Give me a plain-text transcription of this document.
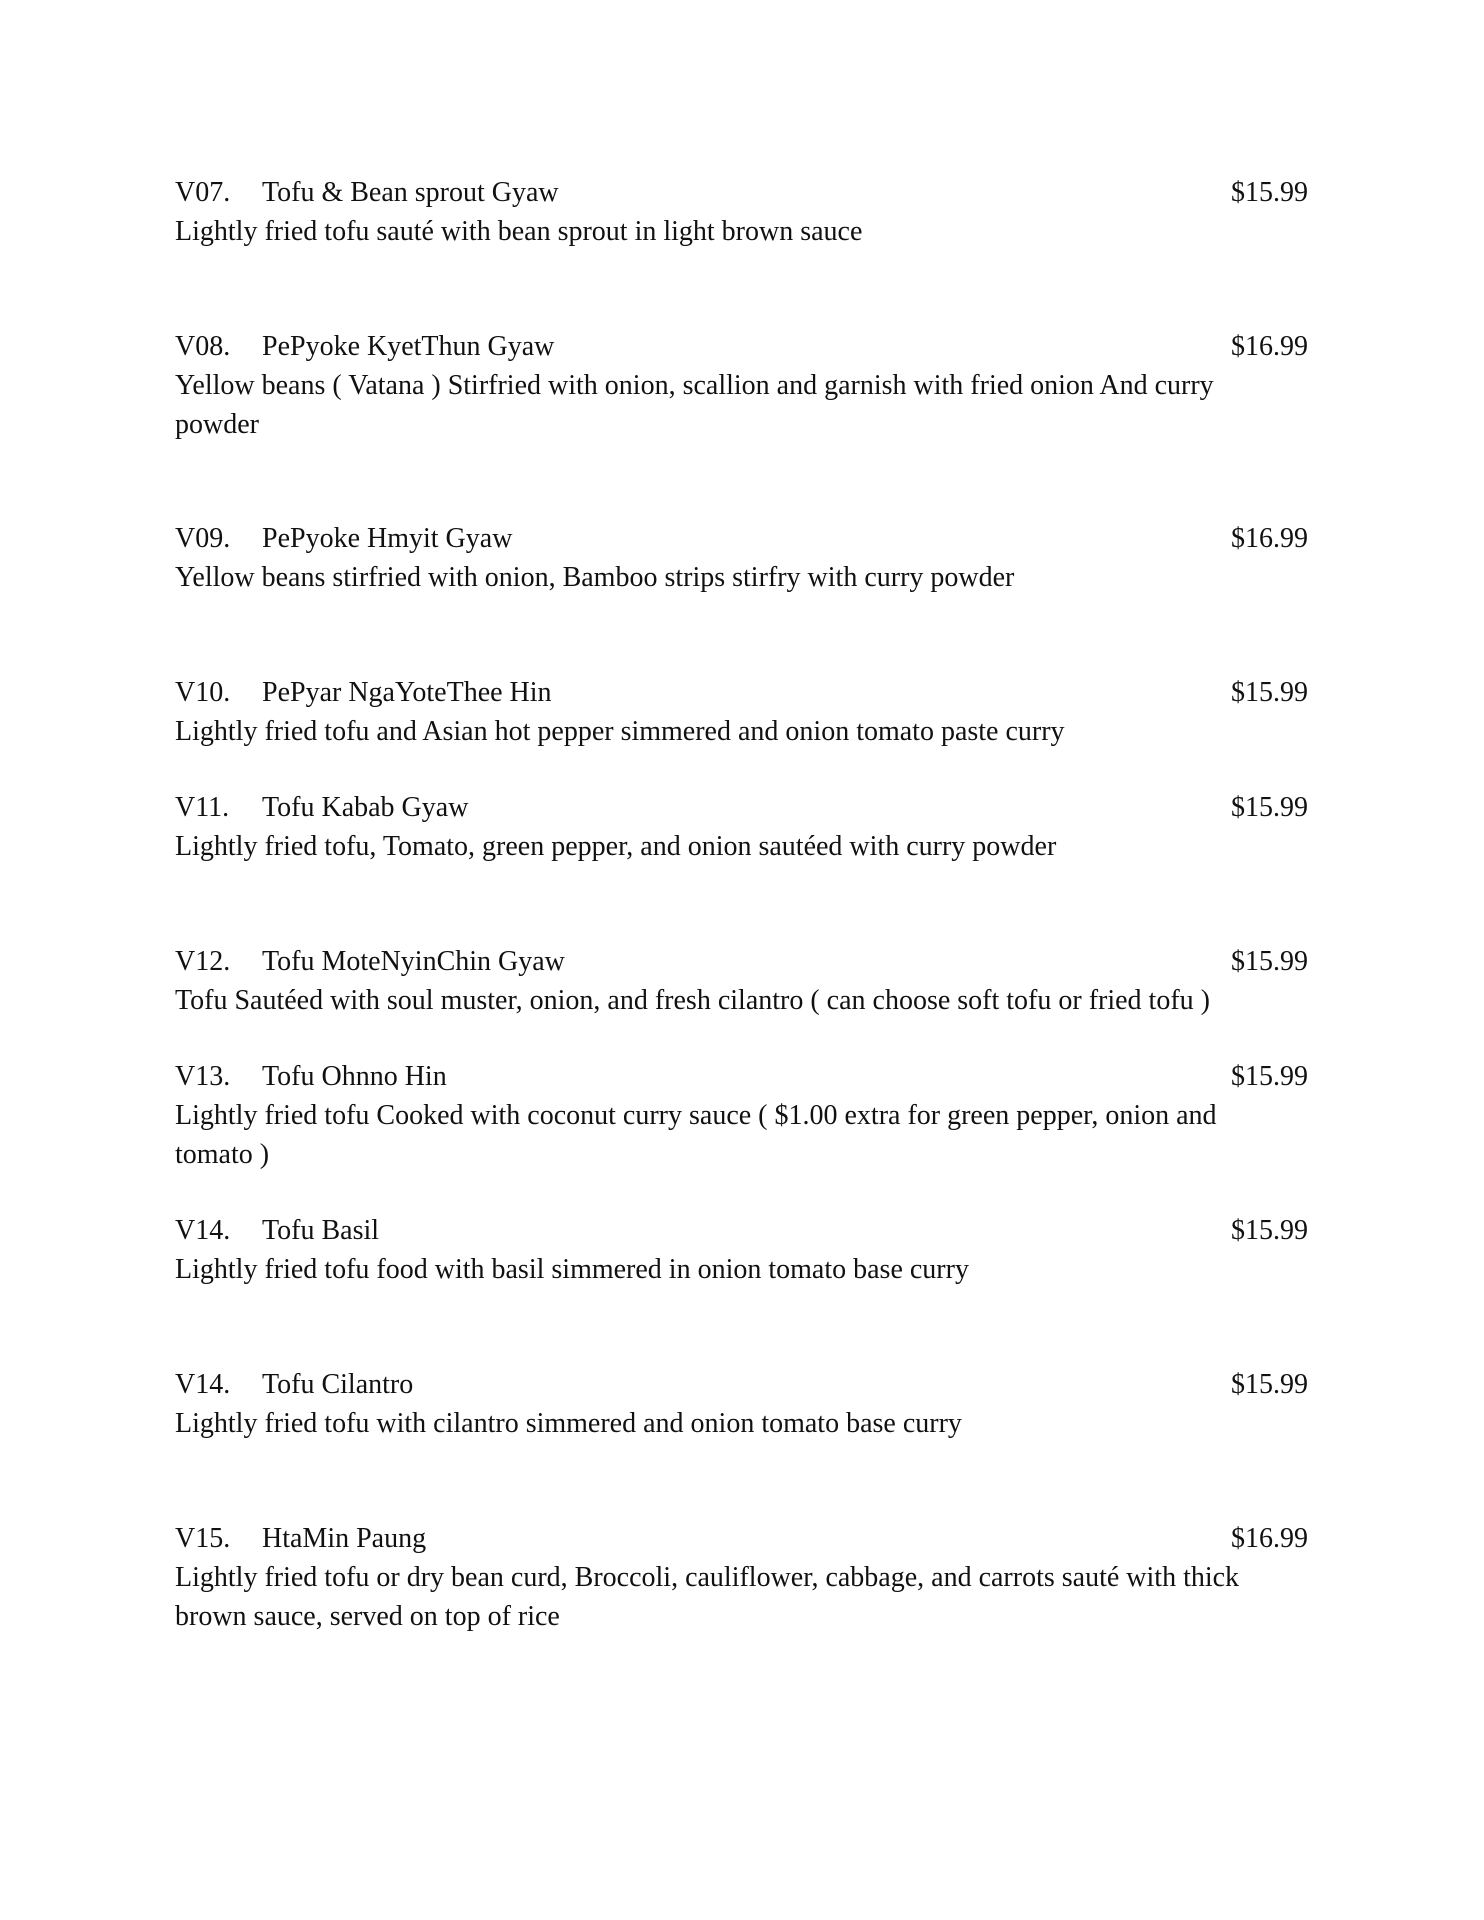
V07. Tofu & Bean sprout Gyaw	$15.99

Lightly fried tofu sauté with bean sprout in light brown sauce

V08. PePyoke KyetThun Gyaw	$16.99

Yellow beans ( Vatana ) Stirfried with onion, scallion and garnish with fried onion And curry powder

V09. PePyoke Hmyit Gyaw	$16.99

Yellow beans stirfried with onion, Bamboo strips stirfry with curry powder

V10. PePyar NgaYoteThee Hin	$15.99

Lightly fried tofu and Asian hot pepper simmered and onion tomato paste curry

V11. Tofu Kabab Gyaw	$15.99

Lightly fried tofu, Tomato, green pepper, and onion sautéed with curry powder

V12. Tofu MoteNyinChin Gyaw	$15.99

Tofu Sautéed with soul muster, onion, and fresh cilantro ( can choose soft tofu or fried tofu )

V13. Tofu Ohnno Hin	$15.99

Lightly fried tofu Cooked with coconut curry sauce ( $1.00 extra for green pepper, onion and tomato )

V14. Tofu Basil	$15.99

Lightly fried tofu food with basil simmered in onion tomato base curry

V14. Tofu Cilantro	$15.99

Lightly fried tofu with cilantro simmered and onion tomato base curry

V15. HtaMin Paung	$16.99

Lightly fried tofu or dry bean curd, Broccoli, cauliflower, cabbage, and carrots sauté with thick brown sauce, served on top of rice
